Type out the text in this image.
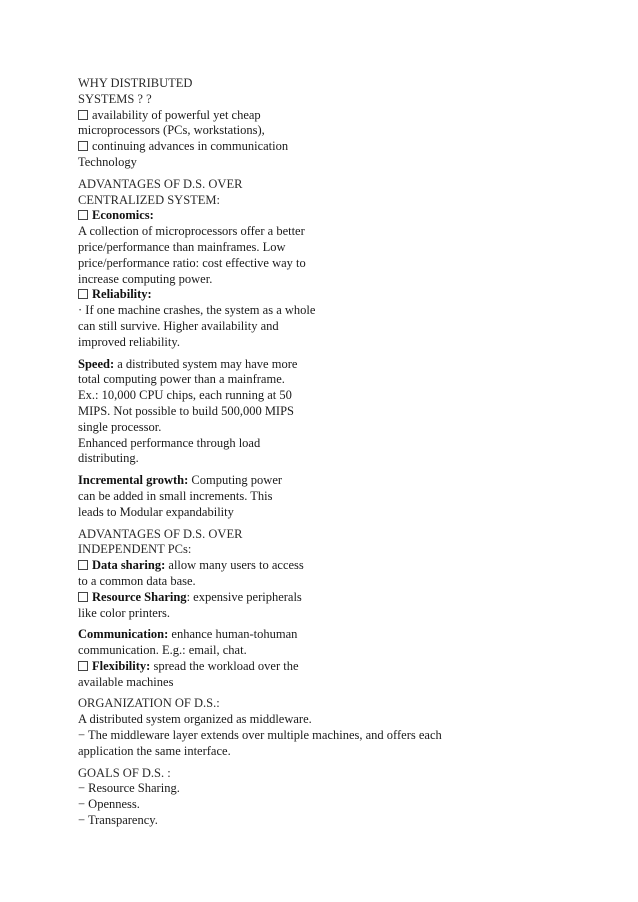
WHY DISTRIBUTED
SYSTEMS ? ?
availability of powerful yet cheap
microprocessors (PCs, workstations),
continuing advances in communication
Technology
ADVANTAGES OF D.S. OVER
CENTRALIZED SYSTEM:
Economics:
A collection of microprocessors offer a better
price/performance than mainframes. Low
price/performance ratio: cost effective way to
increase computing power.
Reliability:
· If one machine crashes, the system as a whole
can still survive. Higher availability and
improved reliability.
Speed: a distributed system may have more
total computing power than a mainframe.
Ex.: 10,000 CPU chips, each running at 50
MIPS. Not possible to build 500,000 MIPS
single processor.
Enhanced performance through load
distributing.
Incremental growth: Computing power
can be added in small increments. This
leads to Modular expandability
ADVANTAGES OF D.S. OVER
INDEPENDENT PCs:
Data sharing: allow many users to access
to a common data base.
Resource Sharing: expensive peripherals
like color printers.
Communication: enhance human-tohuman
communication. E.g.: email, chat.
Flexibility: spread the workload over the
available machines
ORGANIZATION OF D.S.:
A distributed system organized as middleware.
− The middleware layer extends over multiple machines, and offers each
application the same interface.
GOALS OF D.S. :
− Resource Sharing.
− Openness.
− Transparency.
